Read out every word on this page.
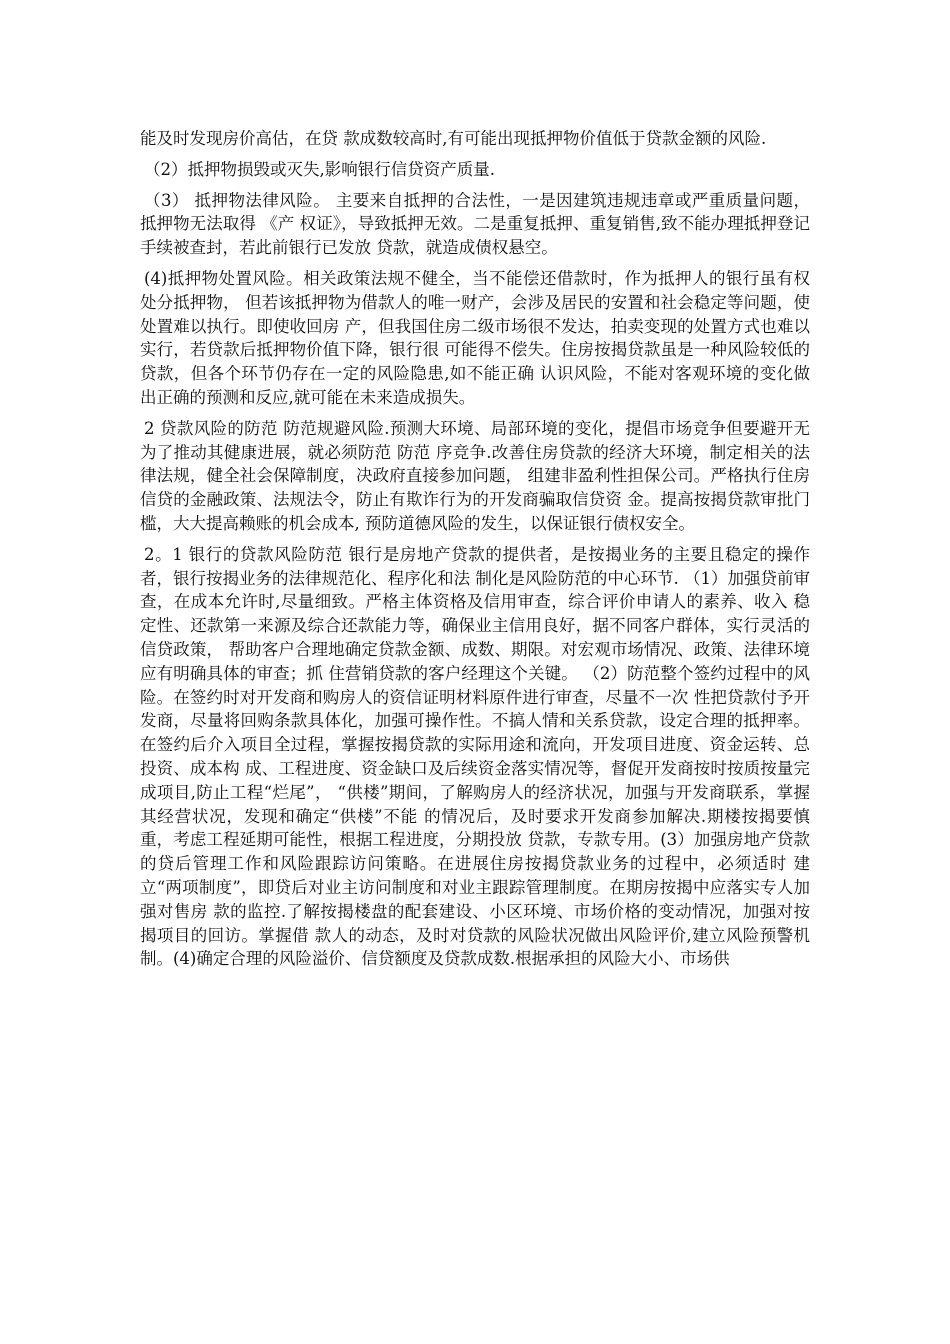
能及时发现房价高估，在贷 款成数较高时,有可能出现抵押物价值低于贷款金额的风险.

（2）抵押物损毁或灭失,影响银行信贷资产质量.

（3） 抵押物法律风险。 主要来自抵押的合法性，一是因建筑违规违章或严重质量问题， 抵押物无法取得 《产 权证》，导致抵押无效。二是重复抵押、重复销售,致不能办理抵押登记手续被查封，若此前银行已发放 贷款，就造成债权悬空。

(4)抵押物处置风险。相关政策法规不健全，当不能偿还借款时，作为抵押人的银行虽有权处分抵押物， 但若该抵押物为借款人的唯一财产，会涉及居民的安置和社会稳定等问题，使处置难以执行。即使收回房 产，但我国住房二级市场很不发达，拍卖变现的处置方式也难以实行，若贷款后抵押物价值下降，银行很 可能得不偿失。住房按揭贷款虽是一种风险较低的贷款，但各个环节仍存在一定的风险隐患,如不能正确 认识风险，不能对客观环境的变化做出正确的预测和反应,就可能在未来造成损失。

2 贷款风险的防范 防范规避风险.预测大环境、局部环境的变化，提倡市场竞争但要避开无 为了推动其健康进展，就必须防范 防范 序竞争.改善住房贷款的经济大环境，制定相关的法律法规，健全社会保障制度，决政府直接参加问题， 组建非盈利性担保公司。严格执行住房信贷的金融政策、法规法令，防止有欺诈行为的开发商骗取信贷资 金。提高按揭贷款审批门槛，大大提高赖账的机会成本, 预防道德风险的发生，以保证银行债权安全。

2。1 银行的贷款风险防范 银行是房地产贷款的提供者，是按揭业务的主要且稳定的操作者，银行按揭业务的法律规范化、程序化和法 制化是风险防范的中心环节. （1）加强贷前审查，在成本允许时,尽量细致。严格主体资格及信用审查，综合评价申请人的素养、收入 稳定性、还款第一来源及综合还款能力等，确保业主信用良好，据不同客户群体，实行灵活的信贷政策， 帮助客户合理地确定贷款金额、成数、期限。对宏观市场情况、政策、法律环境应有明确具体的审查；抓 住营销贷款的客户经理这个关键。 （2）防范整个签约过程中的风险。在签约时对开发商和购房人的资信证明材料原件进行审查，尽量不一次 性把贷款付予开发商，尽量将回购条款具体化，加强可操作性。不搞人情和关系贷款，设定合理的抵押率。 在签约后介入项目全过程，掌握按揭贷款的实际用途和流向，开发项目进度、资金运转、总投资、成本构 成、工程进度、资金缺口及后续资金落实情况等，督促开发商按时按质按量完成项目,防止工程“烂尾”， “供楼”期间，了解购房人的经济状况，加强与开发商联系，掌握其经营状况，发现和确定“供楼”不能 的情况后，及时要求开发商参加解决.期楼按揭要慎重，考虑工程延期可能性，根据工程进度，分期投放 贷款，专款专用。(3）加强房地产贷款的贷后管理工作和风险跟踪访问策略。在进展住房按揭贷款业务的过程中，必须适时 建立“两项制度”，即贷后对业主访问制度和对业主跟踪管理制度。在期房按揭中应落实专人加强对售房 款的监控.了解按揭楼盘的配套建设、小区环境、市场价格的变动情况，加强对按揭项目的回访。掌握借 款人的动态，及时对贷款的风险状况做出风险评价,建立风险预警机制。(4)确定合理的风险溢价、信贷额度及贷款成数.根据承担的风险大小、市场供
